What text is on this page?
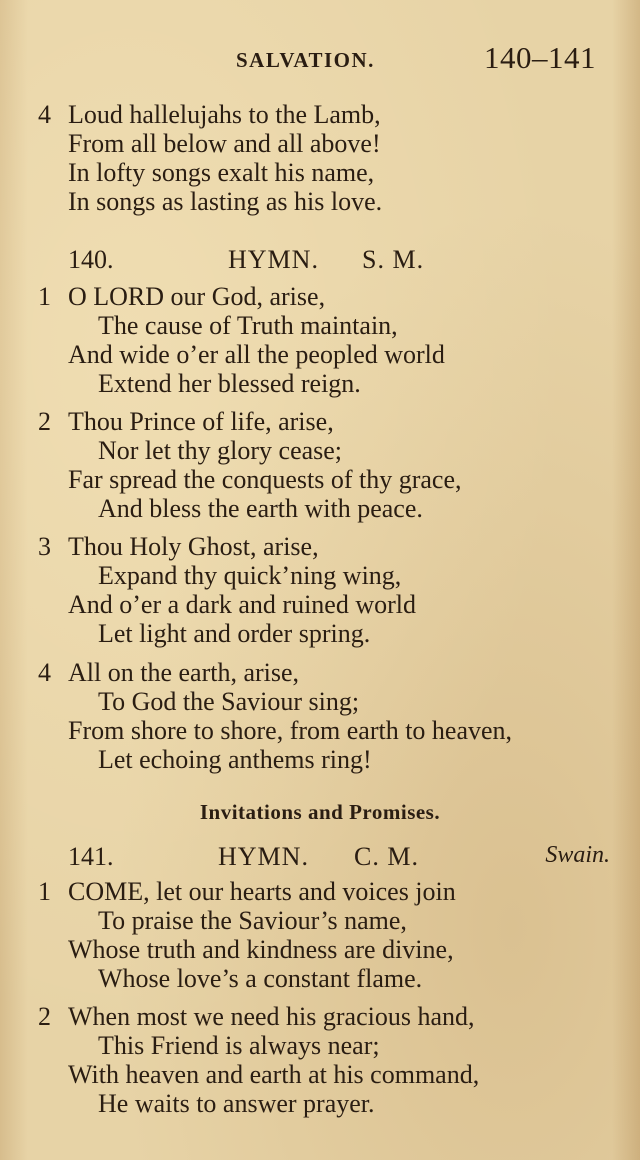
SALVATION.	140–141
4 Loud hallelujahs to the Lamb,
From all below and all above!
In lofty songs exalt his name,
In songs as lasting as his love.
140.	HYMN. S. M.
1 O LORD our God, arise,
The cause of Truth maintain,
And wide o’er all the peopled world
Extend her blessed reign.
2 Thou Prince of life, arise,
Nor let thy glory cease;
Far spread the conquests of thy grace,
And bless the earth with peace.
3 Thou Holy Ghost, arise,
Expand thy quick’ning wing,
And o’er a dark and ruined world
Let light and order spring.
4 All on the earth, arise,
To God the Saviour sing;
From shore to shore, from earth to heaven,
Let echoing anthems ring!
Invitations and Promises.
141.	HYMN. C. M.	Swain.
1 COME, let our hearts and voices join
To praise the Saviour’s name,
Whose truth and kindness are divine,
Whose love’s a constant flame.
2 When most we need his gracious hand,
This Friend is always near;
With heaven and earth at his command,
He waits to answer prayer.
